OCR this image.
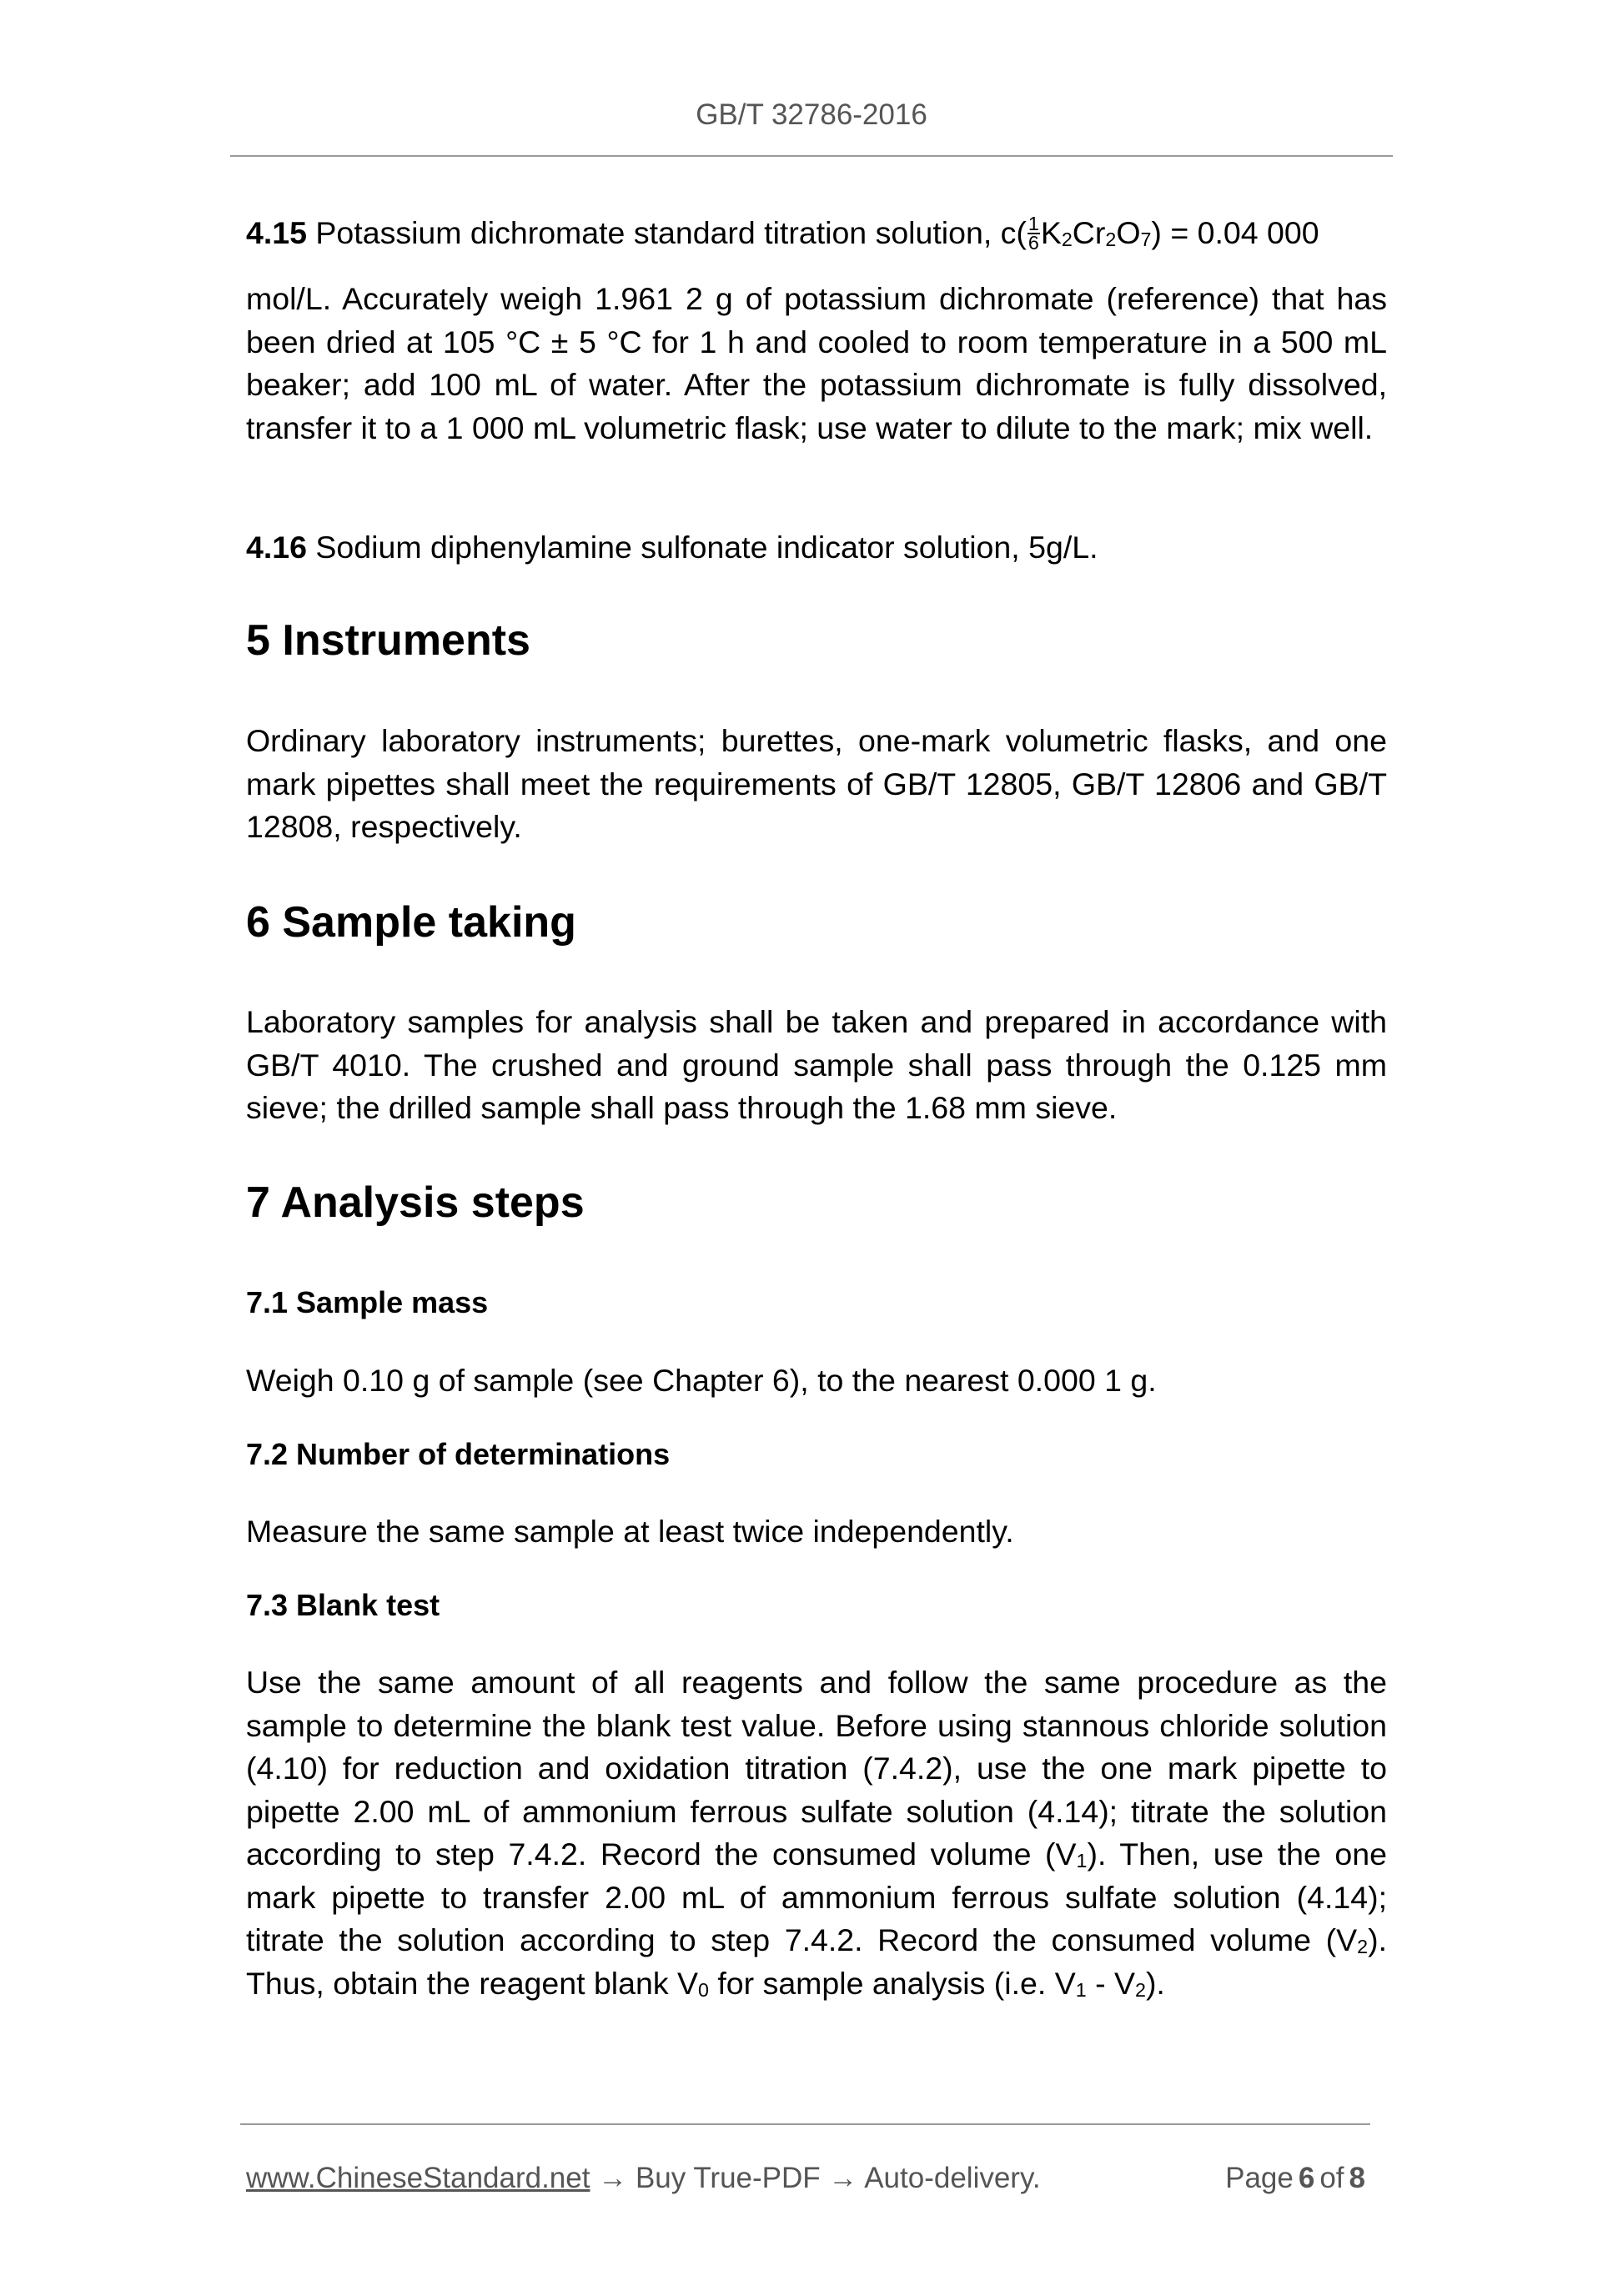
GB/T 32786-2016
4.15 Potassium dichromate standard titration solution, $c( \frac{1}{6} K2Cr2O7) = 0.04$ 000
mol/L. Accurately weigh 1.961 2 g of potassium dichromate (reference) that has been dried at 105 °C ± 5 °C for 1 h and cooled to room temperature in a 500 mL beaker; add 100 mL of water. After the potassium dichromate is fully dissolved, transfer it to a 1 000 mL volumetric flask; use water to dilute to the mark; mix well.
4.16 Sodium diphenylamine sulfonate indicator solution, 5g/L.
5 Instruments
Ordinary laboratory instruments; burettes, one-mark volumetric flasks, and one mark pipettes shall meet the requirements of GB/T 12805, GB/T 12806 and GB/T 12808, respectively.
6 Sample taking
Laboratory samples for analysis shall be taken and prepared in accordance with GB/T 4010. The crushed and ground sample shall pass through the 0.125 mm sieve; the drilled sample shall pass through the 1.68 mm sieve.
7 Analysis steps
7.1 Sample mass
Weigh 0.10 g of sample (see Chapter 6), to the nearest 0.000 1 g.
7.2 Number of determinations
Measure the same sample at least twice independently.
7.3 Blank test
Use the same amount of all reagents and follow the same procedure as the sample to determine the blank test value. Before using stannous chloride solution (4.10) for reduction and oxidation titration (7.4.2), use the one mark pipette to pipette 2.00 mL of ammonium ferrous sulfate solution (4.14); titrate the solution according to step 7.4.2. Record the consumed volume (V1). Then, use the one mark pipette to transfer 2.00 mL of ammonium ferrous sulfate solution (4.14); titrate the solution according to step 7.4.2. Record the consumed volume (V2). Thus, obtain the reagent blank V0 for sample analysis (i.e. V1 - V2).
www.ChineseStandard.net → Buy True-PDF → Auto-delivery.	Page 6 of 8
